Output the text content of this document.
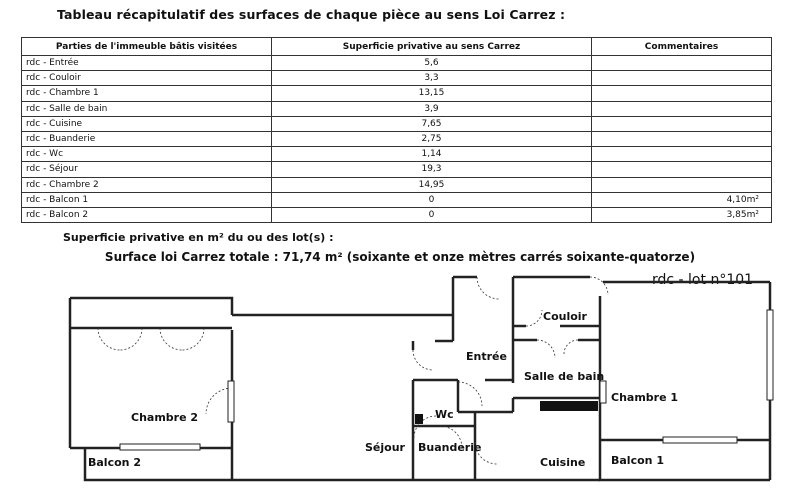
Tableau récapitulatif des surfaces de chaque pièce au sens Loi Carrez :
Parties de l'immeuble bâtis visitées	Superficie privative au sens Carrez	Commentaires
rdc - Entrée	5,6	
rdc - Couloir	3,3	
rdc - Chambre 1	13,15	
rdc - Salle de bain	3,9	
rdc - Cuisine	7,65	
rdc - Buanderie	2,75	
rdc - Wc	1,14	
rdc - Séjour	19,3	
rdc - Chambre 2	14,95	
rdc - Balcon 1	0	4,10m²
rdc - Balcon 2	0	3,85m²
Superficie privative en m² du ou des lot(s) :
Surface loi Carrez totale : 71,74 m² (soixante et onze mètres carrés soixante-quatorze)
rdc - lot n°101
Couloir
Entrée
Salle de bain
Chambre 1
Chambre 2	Wc
Séjour Buanderie
Cuisine
Balcon 2	Balcon 1
